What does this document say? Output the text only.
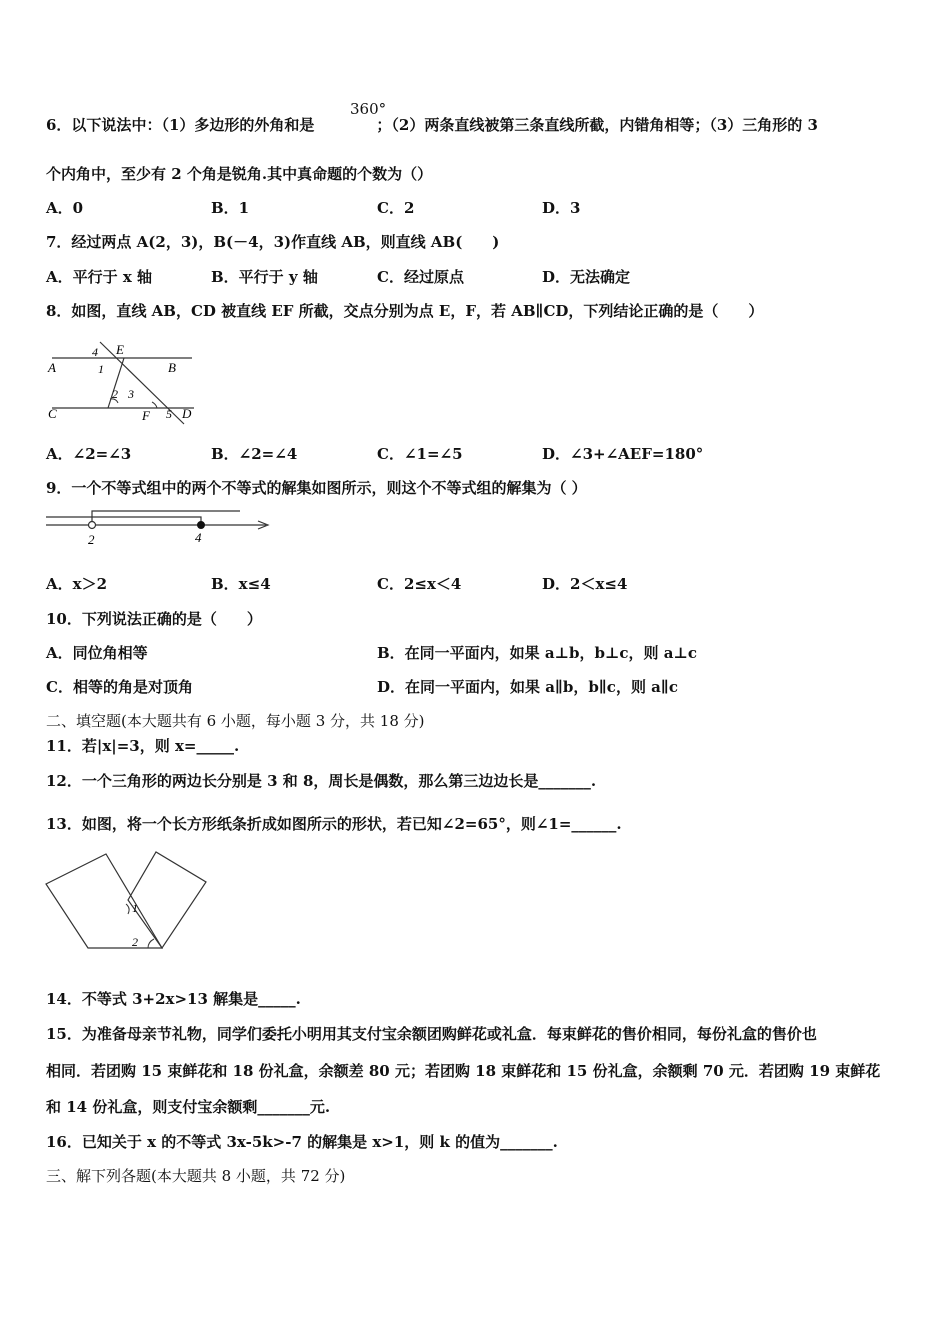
6．以下说法中：（1）多边形的外角和是	；（2）两条直线被第三条直线所截，内错角相等；（3）三角形的 3
360°
个内角中，至少有 2 个角是锐角.其中真命题的个数为（）
A．0	B．1	C．2	D．3
7．经过两点 A(2，3)，B(－4，3)作直线 AB，则直线 AB(　　)
A．平行于 x 轴	B．平行于 y 轴	C．经过原点	D．无法确定
8．如图，直线 AB，CD 被直线 EF 所截，交点分别为点 E，F，若 AB∥CD，下列结论正确的是（　　）
A	B
C	D
E
F
1
2 3
4
5
A．∠2=∠3	B．∠2=∠4	C．∠1=∠5	D．∠3+∠AEF=180°
9．一个不等式组中的两个不等式的解集如图所示，则这个不等式组的解集为（ ）
2	4
A．x＞2	B．x≤4	C．2≤x＜4	D．2＜x≤4
10．下列说法正确的是（　　）
A．同位角相等	B．在同一平面内，如果 a⊥b，b⊥c，则 a⊥c
C．相等的角是对顶角	D．在同一平面内，如果 a∥b，b∥c，则 a∥c
二、填空题(本大题共有 6 小题，每小题 3 分，共 18 分)
11．若|x|=3，则 x=_____.
12．一个三角形的两边长分别是 3 和 8，周长是偶数，那么第三边边长是_______.
13．如图，将一个长方形纸条折成如图所示的形状，若已知∠2=65°，则∠1=______.
1
2
14．不等式 3+2x>13 解集是_____.
15．为准备母亲节礼物，同学们委托小明用其支付宝余额团购鲜花或礼盒．每束鲜花的售价相同，每份礼盒的售价也
相同．若团购 15 束鲜花和 18 份礼盒，余额差 80 元；若团购 18 束鲜花和 15 份礼盒，余额剩 70 元．若团购 19 束鲜花
和 14 份礼盒，则支付宝余额剩_______元.
16．已知关于 x 的不等式 3x-5k>-7 的解集是 x>1，则 k 的值为_______.
三、解下列各题(本大题共 8 小题，共 72 分)
